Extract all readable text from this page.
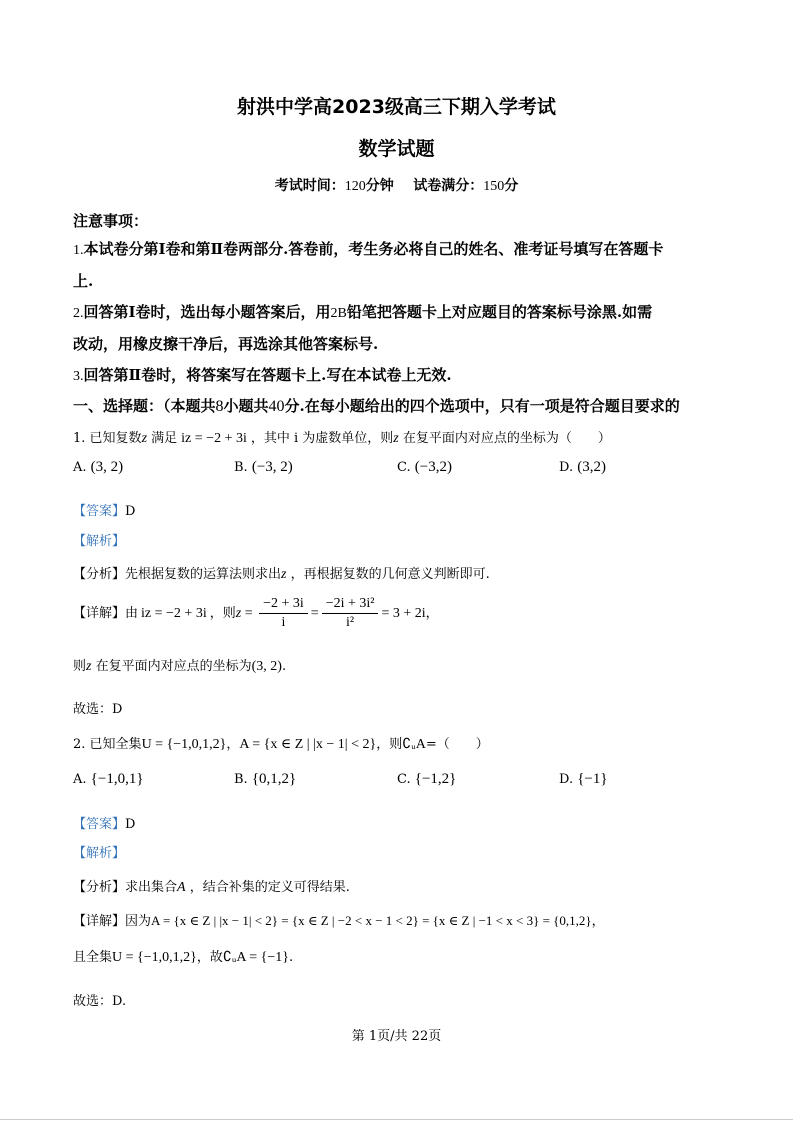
射洪中学高2023级高三下期入学考试
数学试题
考试时间：120分钟 试卷满分：150分
注意事项：
1.本试卷分第Ⅰ卷和第Ⅱ卷两部分.答卷前，考生务必将自己的姓名、准考证号填写在答题卡
上.
2.回答第Ⅰ卷时，选出每小题答案后，用2B铅笔把答题卡上对应题目的答案标号涂黑.如需
改动，用橡皮擦干净后，再选涂其他答案标号.
3.回答第Ⅱ卷时，将答案写在答题卡上.写在本试卷上无效.
一、选择题：（本题共8小题共40分.在每小题给出的四个选项中，只有一项是符合题目要求的
1. 已知复数z 满足 iz = −2 + 3i ，其中 i 为虚数单位，则z 在复平面内对应点的坐标为（　　）
A. (3, 2)	B. (−3, 2)	C. (−3,2)	D. (3,2)
【答案】D
【解析】
【分析】先根据复数的运算法则求出z ，再根据复数的几何意义判断即可.
【详解】由 iz = −2 + 3i ，则$z = \frac{-2 + 3i}{i} = \frac{\text{−2i + 3i²}}{\text{i²}} = 3 + 2i$，
则z 在复平面内对应点的坐标为(3, 2).
故选：D
2. 已知全集U = {−1,0,1,2}，A = {x ∈ Z | |x − 1| < 2}，则∁ᵤA=（　　）
A. {−1,0,1}	B. {0,1,2}	C. {−1,2}	D. {−1}
【答案】D
【解析】
【分析】求出集合A ，结合补集的定义可得结果.
【详解】因为A = {x ∈ Z | |x − 1| < 2} = {x ∈ Z | −2 < x − 1 < 2} = {x ∈ Z | −1 < x < 3} = {0,1,2}，
且全集U = {−1,0,1,2}，故∁ᵤA = {−1}.
故选：D.
第 1页/共 22页
